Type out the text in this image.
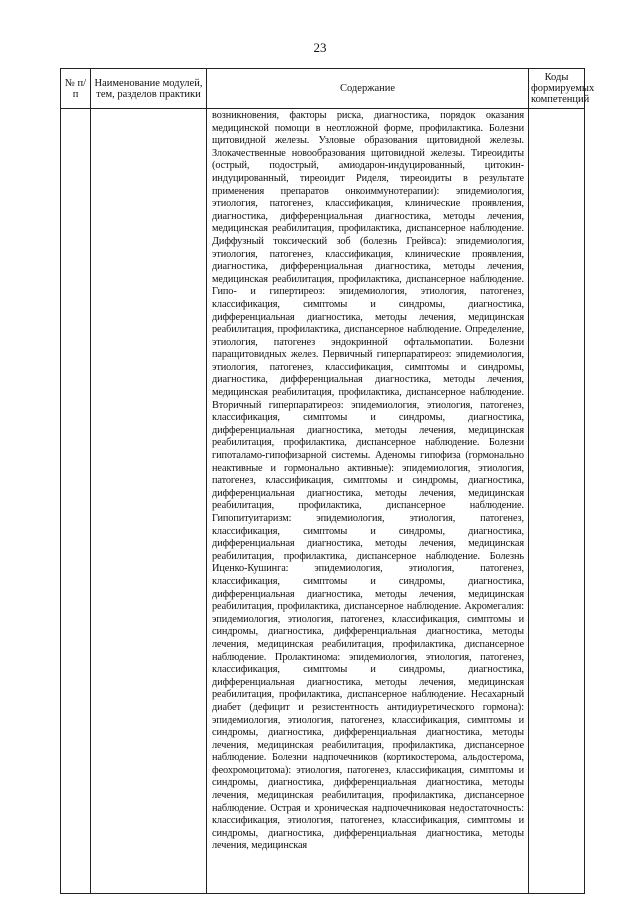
23
№ п/п	Наименование модулей, тем, разделов практики	Содержание	Коды формируемых компетенций

		возникновения, факторы риска, диагностика, порядок оказания медицинской помощи в неотложной форме, профилактика. Болезни щитовидной железы. Узловые образования щитовидной железы. Злокачественные новообразования щитовидной железы. Тиреоидиты (острый, подострый, амиодарон-индуцированный, цитокин-индуцированный, тиреоидит Риделя, тиреоидиты в результате применения препаратов онкоиммунотерапии): эпидемиология, этиология, патогенез, классификация, клинические проявления, диагностика, дифференциальная диагностика, методы лечения, медицинская реабилитация, профилактика, диспансерное наблюдение. Диффузный токсический зоб (болезнь Грейвса): эпидемиология, этиология, патогенез, классификация, клинические проявления, диагностика, дифференциальная диагностика, методы лечения, медицинская реабилитация, профилактика, диспансерное наблюдение. Гипо- и гипертиреоз: эпидемиология, этиология, патогенез, классификация, симптомы и синдромы, диагностика, дифференциальная диагностика, методы лечения, медицинская реабилитация, профилактика, диспансерное наблюдение. Определение, этиология, патогенез эндокринной офтальмопатии. Болезни паращитовидных желез. Первичный гиперпаратиреоз: эпидемиология, этиология, патогенез, классификация, симптомы и синдромы, диагностика, дифференциальная диагностика, методы лечения, медицинская реабилитация, профилактика, диспансерное наблюдение. Вторичный гиперпаратиреоз: эпидемиология, этиология, патогенез, классификация, симптомы и синдромы, диагностика, дифференциальная диагностика, методы лечения, медицинская реабилитация, профилактика, диспансерное наблюдение. Болезни гипоталамо-гипофизарной системы. Аденомы гипофиза (гормонально неактивные и гормонально активные): эпидемиология, этиология, патогенез, классификация, симптомы и синдромы, диагностика, дифференциальная диагностика, методы лечения, медицинская реабилитация, профилактика, диспансерное наблюдение. Гипопитуитаризм: эпидемиология, этиология, патогенез, классификация, симптомы и синдромы, диагностика, дифференциальная диагностика, методы лечения, медицинская реабилитация, профилактика, диспансерное наблюдение. Болезнь Иценко-Кушинга: эпидемиология, этиология, патогенез, классификация, симптомы и синдромы, диагностика, дифференциальная диагностика, методы лечения, медицинская реабилитация, профилактика, диспансерное наблюдение. Акромегалия: эпидемиология, этиология, патогенез, классификация, симптомы и синдромы, диагностика, дифференциальная диагностика, методы лечения, медицинская реабилитация, профилактика, диспансерное наблюдение. Пролактинома: эпидемиология, этиология, патогенез, классификация, симптомы и синдромы, диагностика, дифференциальная диагностика, методы лечения, медицинская реабилитация, профилактика, диспансерное наблюдение. Несахарный диабет (дефицит и резистентность антидиуретического гормона): эпидемиология, этиология, патогенез, классификация, симптомы и синдромы, диагностика, дифференциальная диагностика, методы лечения, медицинская реабилитация, профилактика, диспансерное наблюдение. Болезни надпочечников (кортикостерома, альдостерома, феохромоцитома): этиология, патогенез, классификация, симптомы и синдромы, диагностика, дифференциальная диагностика, методы лечения, медицинская реабилитация, профилактика, диспансерное наблюдение. Острая и хроническая надпочечниковая недостаточность: классификация, этиология, патогенез, классификация, симптомы и синдромы, диагностика, дифференциальная диагностика, методы лечения, медицинская	
